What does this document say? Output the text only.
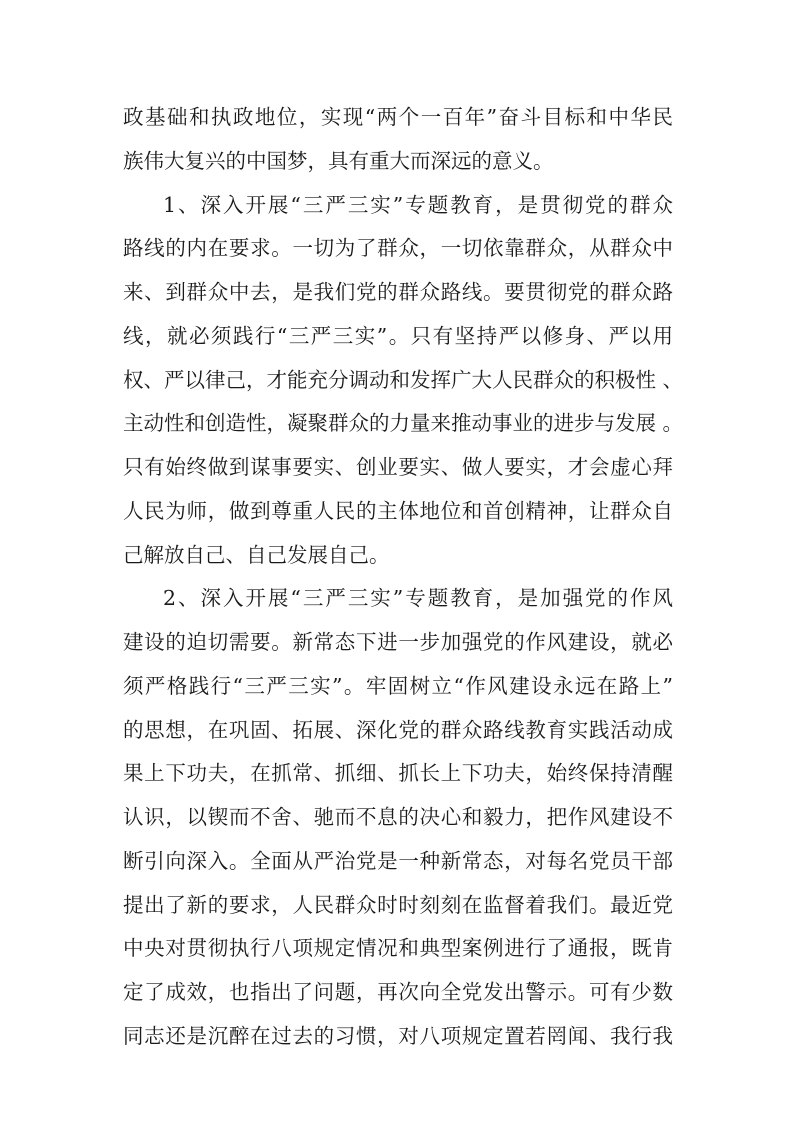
政基础和执政地位，实现“两个一百年”奋斗目标和中华民
族伟大复兴的中国梦，具有重大而深远的意义。
1、深入开展“三严三实”专题教育，是贯彻党的群众
路线的内在要求。一切为了群众，一切依靠群众，从群众中
来、到群众中去，是我们党的群众路线。要贯彻党的群众路
线，就必须践行“三严三实”。只有坚持严以修身、严以用
权、严以律己，才能充分调动和发挥广大人民群众的积极性 、
主动性和创造性，凝聚群众的力量来推动事业的进步与发展 。
只有始终做到谋事要实、创业要实、做人要实，才会虚心拜
人民为师，做到尊重人民的主体地位和首创精神，让群众自
己解放自己、自己发展自己。
2、深入开展“三严三实”专题教育，是加强党的作风
建设的迫切需要。新常态下进一步加强党的作风建设，就必
须严格践行“三严三实”。牢固树立“作风建设永远在路上”
的思想，在巩固、拓展、深化党的群众路线教育实践活动成
果上下功夫，在抓常、抓细、抓长上下功夫，始终保持清醒
认识，以锲而不舍、驰而不息的决心和毅力，把作风建设不
断引向深入。全面从严治党是一种新常态，对每名党员干部
提出了新的要求，人民群众时时刻刻在监督着我们。最近党
中央对贯彻执行八项规定情况和典型案例进行了通报，既肯
定了成效，也指出了问题，再次向全党发出警示。可有少数
同志还是沉醉在过去的习惯，对八项规定置若罔闻、我行我
